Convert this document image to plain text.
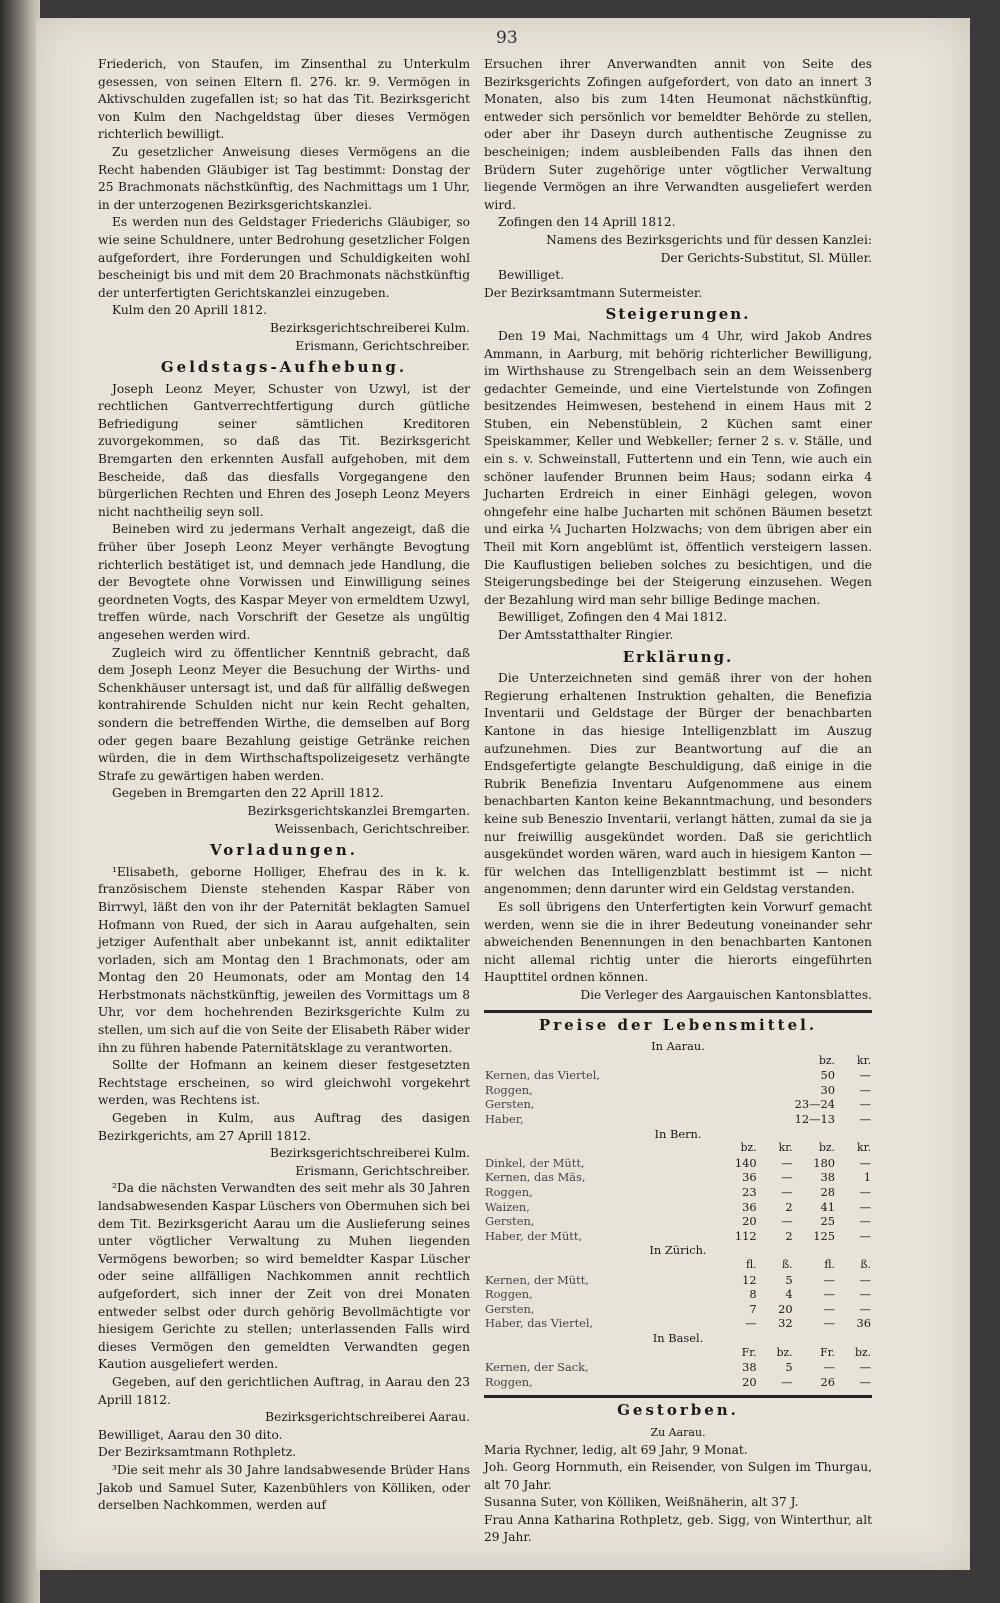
93

Friederich, von Staufen, im Zinsenthal zu Unterkulm gesessen, von seinen Eltern fl. 276. kr. 9. Vermögen in Aktivschulden zugefallen ist; so hat das Tit. Bezirksgericht von Kulm den Nachgeldstag über dieses Vermögen richterlich bewilligt.

Zu gesetzlicher Anweisung dieses Vermögens an die Recht habenden Gläubiger ist Tag bestimmt: Donstag der 25 Brachmonats nächstkünftig, des Nachmittags um 1 Uhr, in der unterzogenen Bezirksgerichtskanzlei.

Es werden nun des Geldstager Friederichs Gläubiger, so wie seine Schuldnere, unter Bedrohung gesetzlicher Folgen aufgefordert, ihre Forderungen und Schuldigkeiten wohl bescheinigt bis und mit dem 20 Brachmonats nächstkünftig der unterfertigten Gerichtskanzlei einzugeben.

Kulm den 20 Aprill 1812.

Bezirksgerichtschreiberei Kulm.

Erismann, Gerichtschreiber.

Geldstags-Aufhebung.

Joseph Leonz Meyer, Schuster von Uzwyl, ist der rechtlichen Gantverrechtfertigung durch gütliche Befriedigung seiner sämtlichen Kreditoren zuvorgekommen, so daß das Tit. Bezirksgericht Bremgarten den erkennten Ausfall aufgehoben, mit dem Bescheide, daß das diesfalls Vorgegangene den bürgerlichen Rechten und Ehren des Joseph Leonz Meyers nicht nachtheilig seyn soll.

Beineben wird zu jedermans Verhalt angezeigt, daß die früher über Joseph Leonz Meyer verhängte Bevogtung richterlich bestätiget ist, und demnach jede Handlung, die der Bevogtete ohne Vorwissen und Einwilligung seines geordneten Vogts, des Kaspar Meyer von ermeldtem Uzwyl, treffen würde, nach Vorschrift der Gesetze als ungültig angesehen werden wird.

Zugleich wird zu öffentlicher Kenntniß gebracht, daß dem Joseph Leonz Meyer die Besuchung der Wirths- und Schenkhäuser untersagt ist, und daß für allfällig deßwegen kontrahirende Schulden nicht nur kein Recht gehalten, sondern die betreffenden Wirthe, die demselben auf Borg oder gegen baare Bezahlung geistige Getränke reichen würden, die in dem Wirthschaftspolizeigesetz verhängte Strafe zu gewärtigen haben werden.

Gegeben in Bremgarten den 22 Aprill 1812.

Bezirksgerichtskanzlei Bremgarten.

Weissenbach, Gerichtschreiber.

Vorladungen.

¹Elisabeth, geborne Holliger, Ehefrau des in k. k. französischem Dienste stehenden Kaspar Räber von Birrwyl, läßt den von ihr der Paternität beklagten Samuel Hofmann von Rued, der sich in Aarau aufgehalten, sein jetziger Aufenthalt aber unbekannt ist, annit ediktaliter vorladen, sich am Montag den 1 Brachmonats, oder am Montag den 20 Heumonats, oder am Montag den 14 Herbstmonats nächstkünftig, jeweilen des Vormittags um 8 Uhr, vor dem hochehrenden Bezirksgerichte Kulm zu stellen, um sich auf die von Seite der Elisabeth Räber wider ihn zu führen habende Paternitätsklage zu verantworten.

Sollte der Hofmann an keinem dieser festgesetzten Rechtstage erscheinen, so wird gleichwohl vorgekehrt werden, was Rechtens ist.

Gegeben in Kulm, aus Auftrag des dasigen Bezirkgerichts, am 27 Aprill 1812.

Bezirksgerichtschreiberei Kulm.

Erismann, Gerichtschreiber.

²Da die nächsten Verwandten des seit mehr als 30 Jahren landsabwesenden Kaspar Lüschers von Obermuhen sich bei dem Tit. Bezirksgericht Aarau um die Auslieferung seines unter vögtlicher Verwaltung zu Muhen liegenden Vermögens beworben; so wird bemeldter Kaspar Lüscher oder seine allfälligen Nachkommen annit rechtlich aufgefordert, sich inner der Zeit von drei Monaten entweder selbst oder durch gehörig Bevollmächtigte vor hiesigem Gerichte zu stellen; unterlassenden Falls wird dieses Vermögen den gemeldten Verwandten gegen Kaution ausgeliefert werden.

Gegeben, auf den gerichtlichen Auftrag, in Aarau den 23 Aprill 1812.

Bezirksgerichtschreiberei Aarau.

Bewilliget, Aarau den 30 dito.

Der Bezirksamtmann Rothpletz.

³Die seit mehr als 30 Jahre landsabwesende Brüder Hans Jakob und Samuel Suter, Kazenbühlers von Kölliken, oder derselben Nachkommen, werden auf

Ersuchen ihrer Anverwandten annit von Seite des Bezirksgerichts Zofingen aufgefordert, von dato an innert 3 Monaten, also bis zum 14ten Heumonat nächstkünftig, entweder sich persönlich vor bemeldter Behörde zu stellen, oder aber ihr Daseyn durch authentische Zeugnisse zu bescheinigen; indem ausbleibenden Falls das ihnen den Brüdern Suter zugehörige unter vögtlicher Verwaltung liegende Vermögen an ihre Verwandten ausgeliefert werden wird.

Zofingen den 14 Aprill 1812.

Namens des Bezirksgerichts und für dessen Kanzlei:

Der Gerichts-Substitut, Sl. Müller.

Bewilliget.

Der Bezirksamtmann Sutermeister.

Steigerungen.

Den 19 Mai, Nachmittags um 4 Uhr, wird Jakob Andres Ammann, in Aarburg, mit behörig richterlicher Bewilligung, im Wirthshause zu Strengelbach sein an dem Weissenberg gedachter Gemeinde, und eine Viertelstunde von Zofingen besitzendes Heimwesen, bestehend in einem Haus mit 2 Stuben, ein Nebenstüblein, 2 Küchen samt einer Speiskammer, Keller und Webkeller; ferner 2 s. v. Ställe, und ein s. v. Schweinstall, Futtertenn und ein Tenn, wie auch ein schöner laufender Brunnen beim Haus; sodann eirka 4 Jucharten Erdreich in einer Einhägi gelegen, wovon ohngefehr eine halbe Jucharten mit schönen Bäumen besetzt und eirka ¼ Jucharten Holzwachs; von dem übrigen aber ein Theil mit Korn angeblümt ist, öffentlich versteigern lassen. Die Kauflustigen belieben solches zu besichtigen, und die Steigerungsbedinge bei der Steigerung einzusehen. Wegen der Bezahlung wird man sehr billige Bedinge machen.

Bewilliget, Zofingen den 4 Mai 1812.

Der Amtsstatthalter Ringier.

Erklärung.

Die Unterzeichneten sind gemäß ihrer von der hohen Regierung erhaltenen Instruktion gehalten, die Benefizia Inventarii und Geldstage der Bürger der benachbarten Kantone in das hiesige Intelligenzblatt im Auszug aufzunehmen. Dies zur Beantwortung auf die an Endsgefertigte gelangte Beschuldigung, daß einige in die Rubrik Benefizia Inventaru Aufgenommene aus einem benachbarten Kanton keine Bekanntmachung, und besonders keine sub Beneszio Inventarii, verlangt hätten, zumal da sie ja nur freiwillig ausgekündet worden. Daß sie gerichtlich ausgekündet worden wären, ward auch in hiesigem Kanton — für welchen das Intelligenzblatt bestimmt ist — nicht angenommen; denn darunter wird ein Geldstag verstanden.

Es soll übrigens den Unterfertigten kein Vorwurf gemacht werden, wenn sie die in ihrer Bedeutung voneinander sehr abweichenden Benennungen in den benachbarten Kantonen nicht allemal richtig unter die hierorts eingeführten Haupttitel ordnen können.

Die Verleger des Aargauischen Kantonsblattes.

Preise der Lebensmittel.
In Aarau.				
			bz.	kr.
Kernen, das Viertel,			50	—
Roggen,			30	—
Gersten,			23—24	—
Haber,			12—13	—
In Bern.				
	bz.	kr.	bz.	kr.
Dinkel, der Mütt,	140	—	180	—
Kernen, das Mäs,	36	—	38	1
Roggen,	23	—	28	—
Waizen,	36	2	41	—
Gersten,	20	—	25	—
Haber, der Mütt,	112	2	125	—
In Zürich.				
	fl.	ß.	fl.	ß.
Kernen, der Mütt,	12	5	—	—
Roggen,	8	4	—	—
Gersten,	7	20	—	—
Haber, das Viertel,	—	32	—	36
In Basel.				
	Fr.	bz.	Fr.	bz.
Kernen, der Sack,	38	5	—	—
Roggen,	20	—	26	—
Gestorben.

Zu Aarau.

Maria Rychner, ledig, alt 69 Jahr, 9 Monat.

Joh. Georg Hornmuth, ein Reisender, von Sulgen im Thurgau, alt 70 Jahr.

Susanna Suter, von Kölliken, Weißnäherin, alt 37 J.

Frau Anna Katharina Rothpletz, geb. Sigg, von Winterthur, alt 29 Jahr.
